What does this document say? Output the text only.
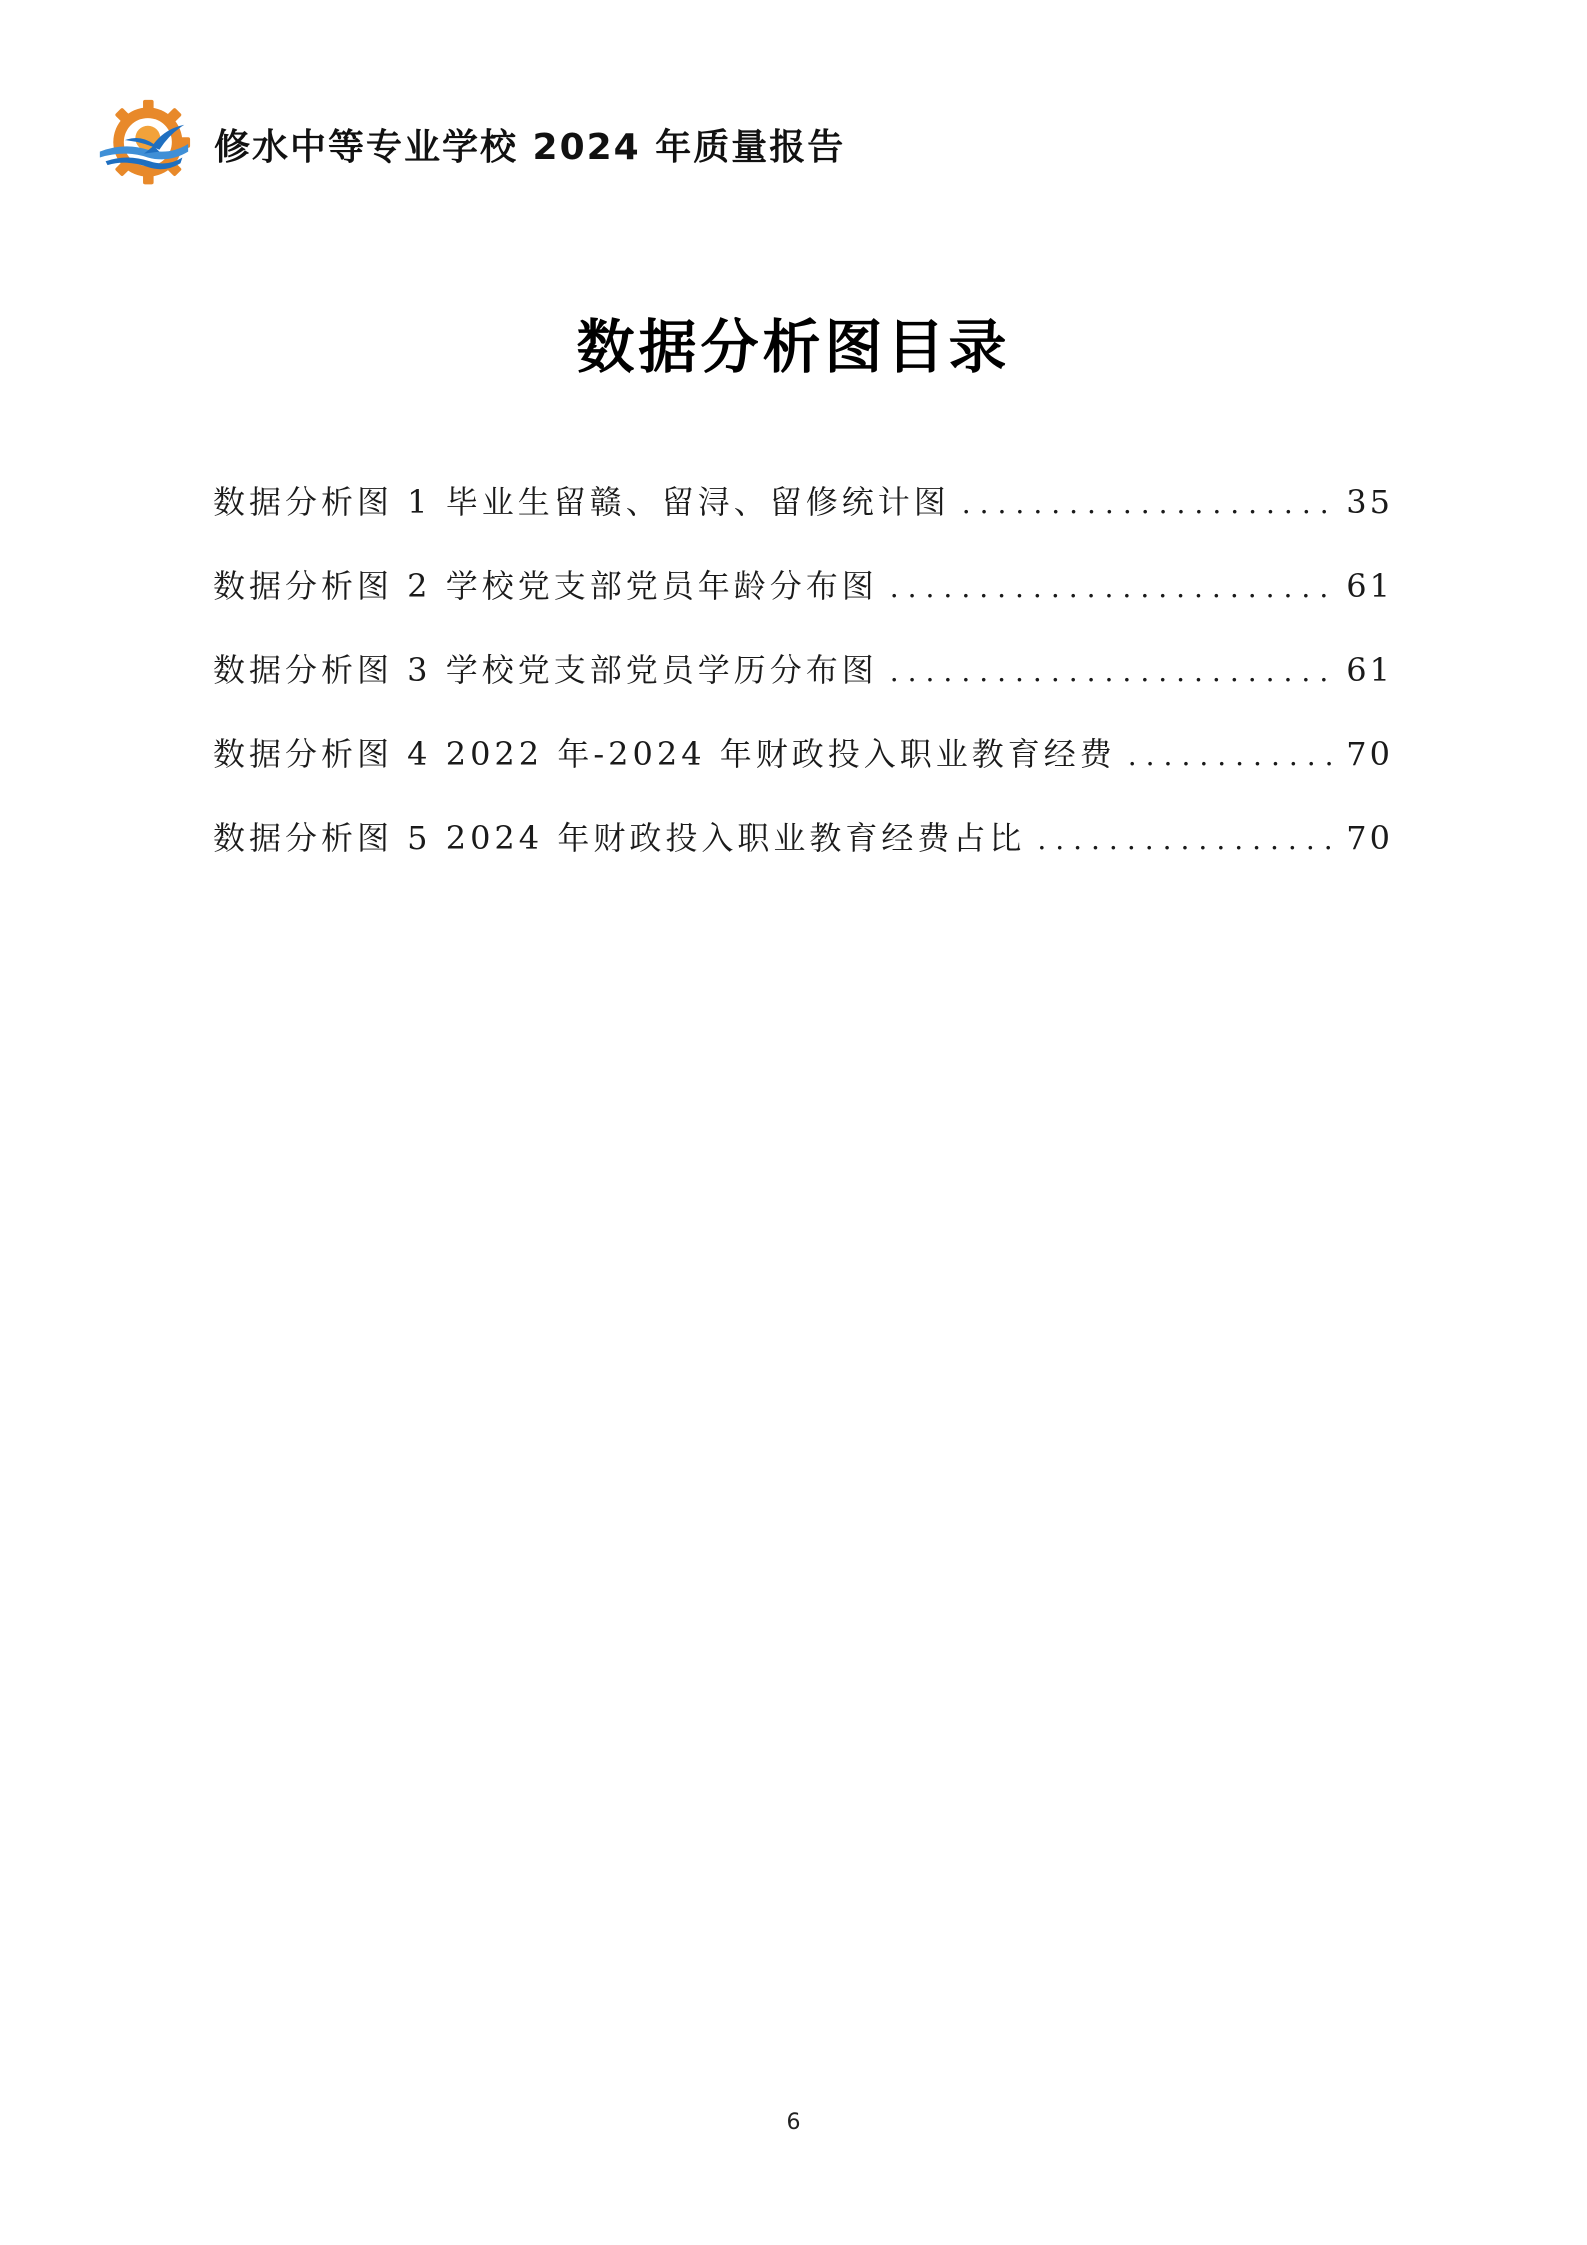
修水中等专业学校 2024 年质量报告
数据分析图目录
数据分析图 1 毕业生留赣、留浔、留修统计图 .....	35
数据分析图 2 学校党支部党员年龄分布图 .....	61
数据分析图 3 学校党支部党员学历分布图 .....	61
数据分析图 4 2022 年-2024 年财政投入职业教育经费 .....	70
数据分析图 5 2024 年财政投入职业教育经费占比 .....	70
6
